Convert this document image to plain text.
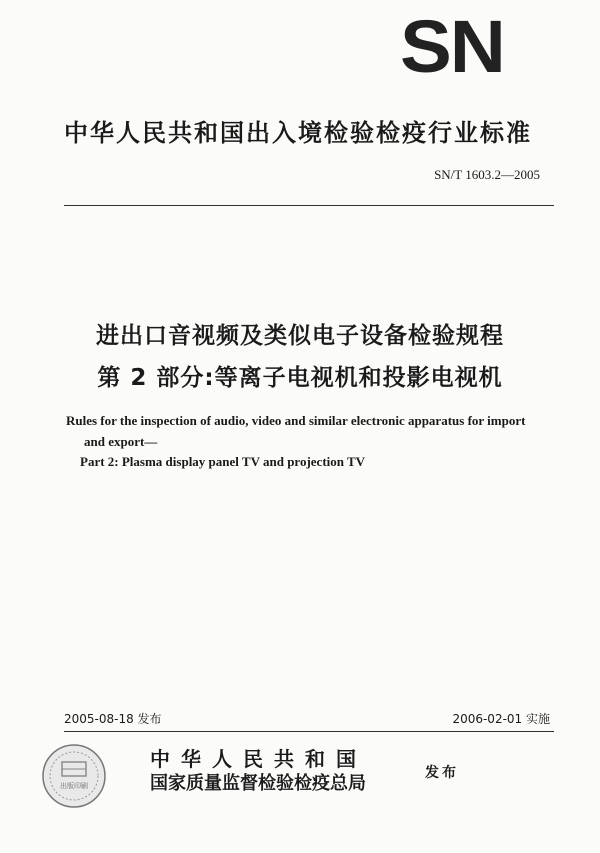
SN
中华人民共和国出入境检验检疫行业标准
SN/T 1603.2—2005
进出口音视频及类似电子设备检验规程
第 2 部分:等离子电视机和投影电视机
Rules for the inspection of audio, video and similar electronic apparatus for import
and export—
Part 2: Plasma display panel TV and projection TV
2005-08-18 发布	2006-02-01 实施
出版印刷
中华人民共和国
国家质量监督检验检疫总局	发布
